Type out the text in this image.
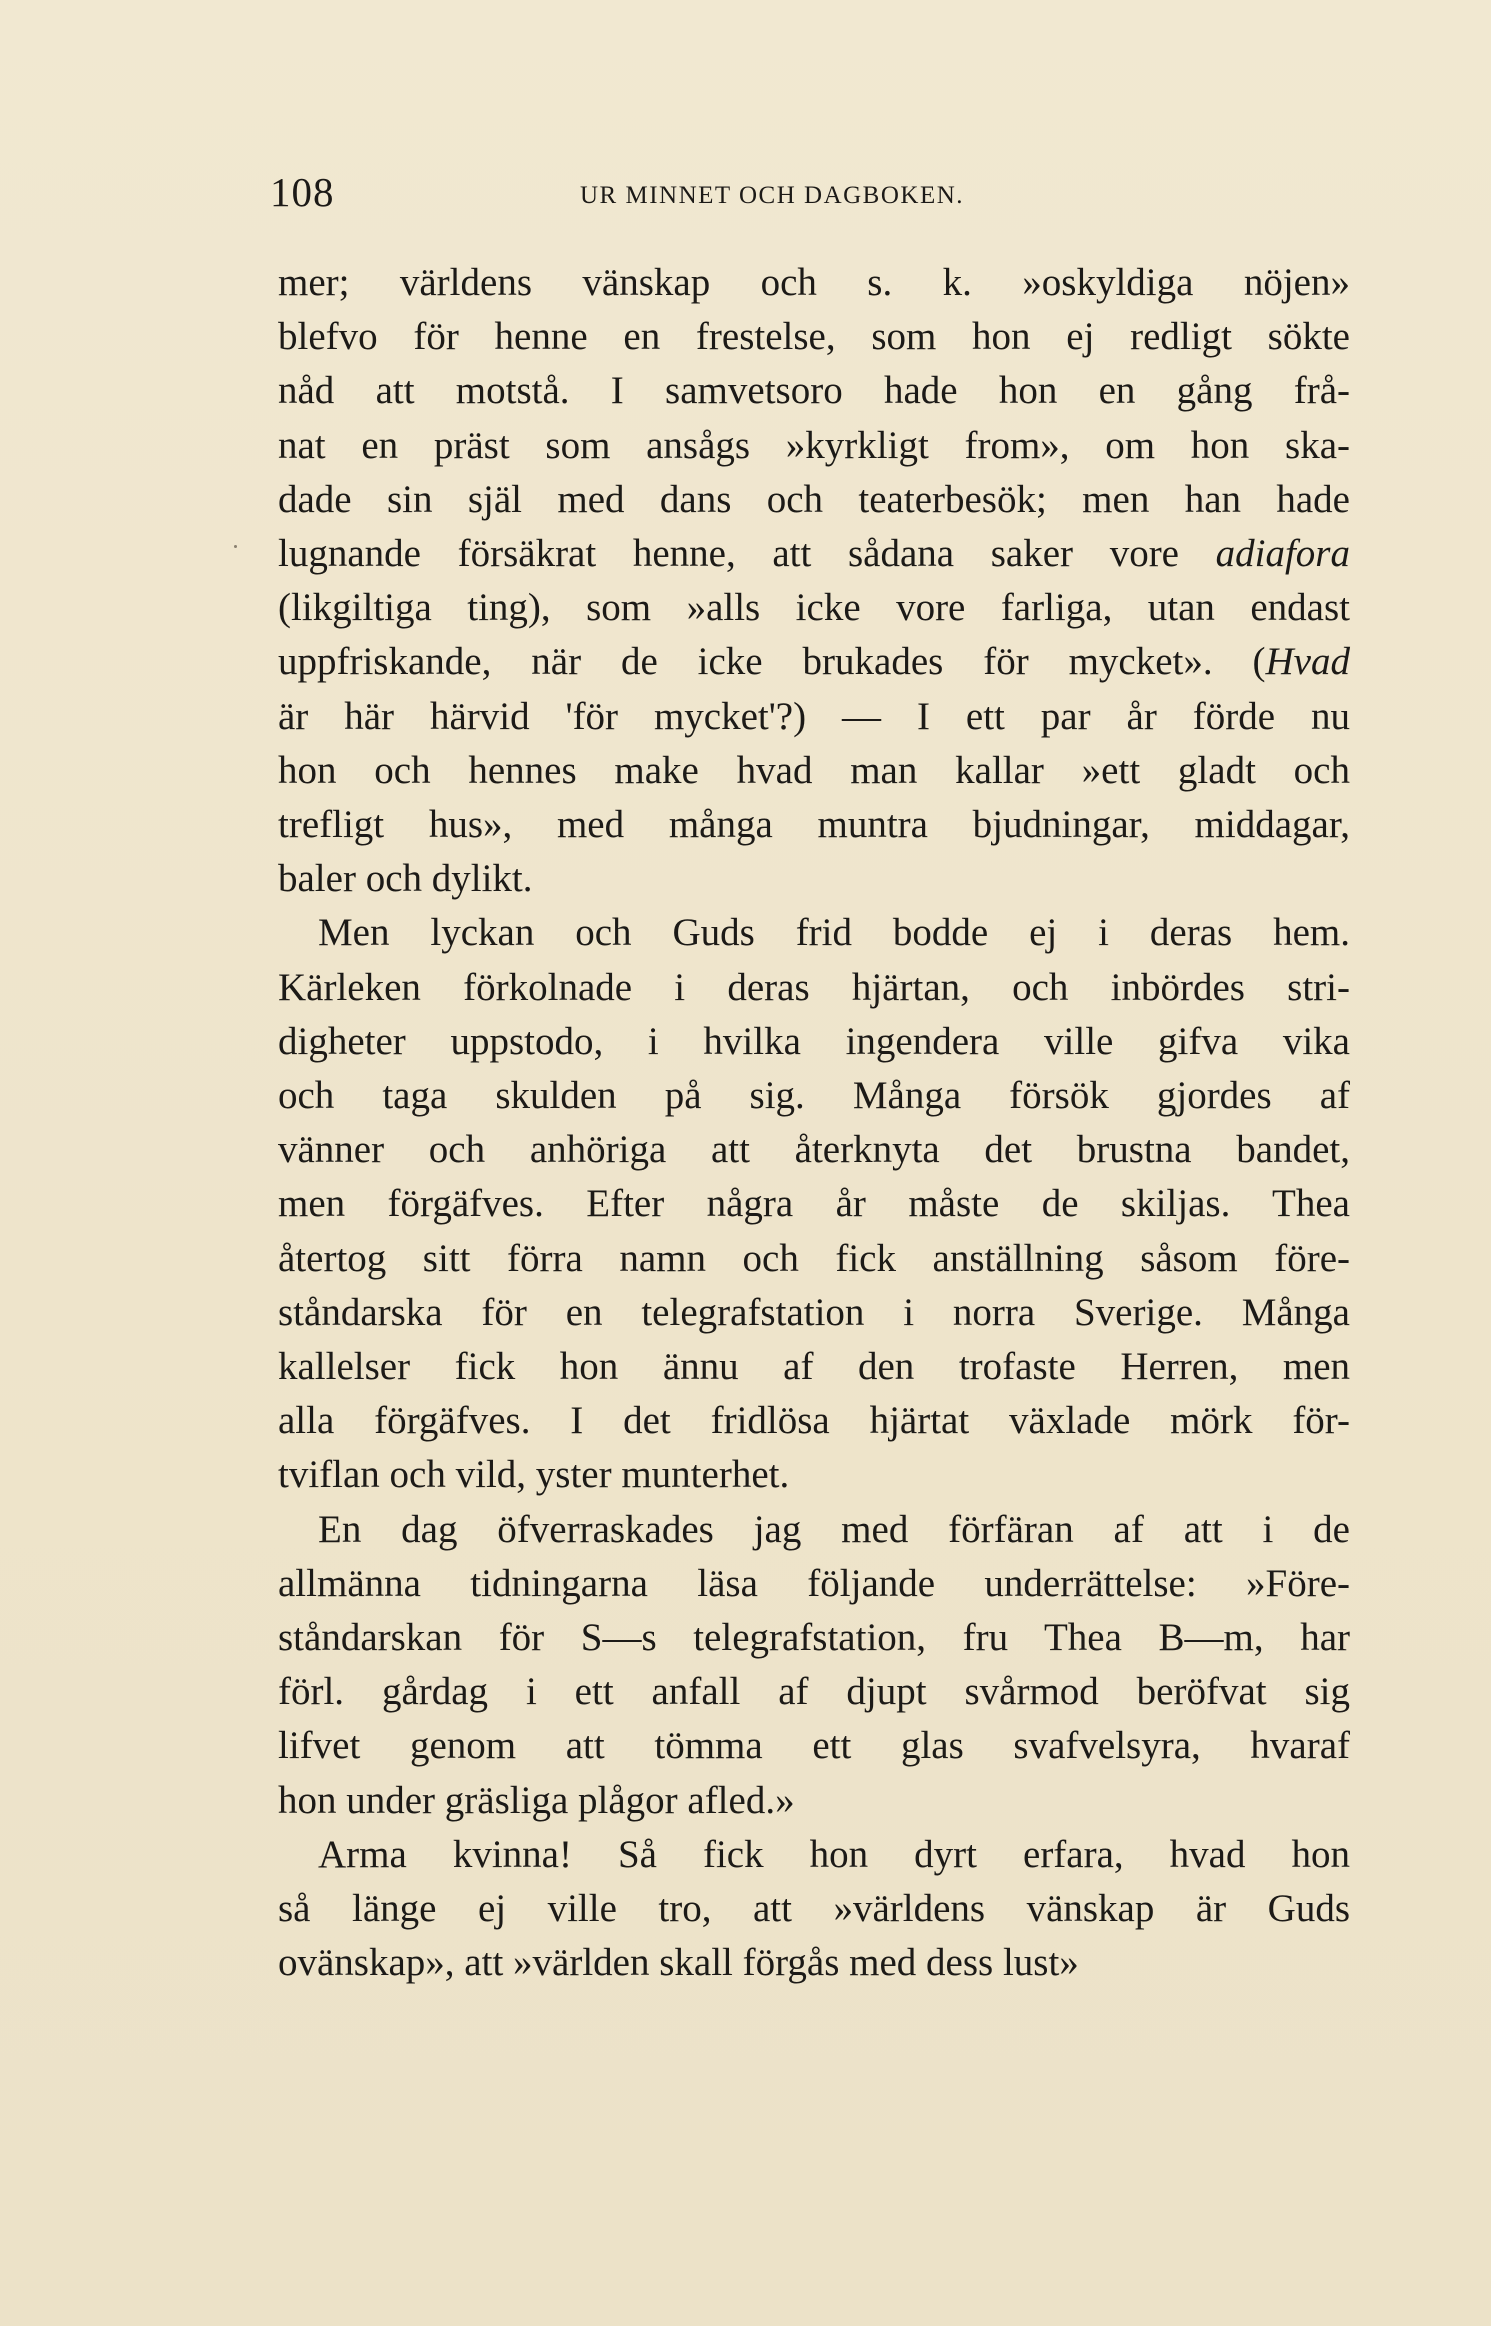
108	UR MINNET OCH DAGBOKEN.

mer; världens vänskap och s. k. »oskyldiga nöjen»
blefvo för henne en frestelse, som hon ej redligt sökte
nåd att motstå. I samvetsoro hade hon en gång frå-
nat en präst som ansågs »kyrkligt from», om hon ska-
dade sin själ med dans och teaterbesök; men han hade
lugnande försäkrat henne, att sådana saker vore adiafora
(likgiltiga ting), som »alls icke vore farliga, utan endast
uppfriskande, när de icke brukades för mycket». (Hvad
är här härvid 'för mycket'?) — I ett par år förde nu
hon och hennes make hvad man kallar »ett gladt och
trefligt hus», med många muntra bjudningar, middagar,
baler och dylikt.

Men lyckan och Guds frid bodde ej i deras hem.
Kärleken förkolnade i deras hjärtan, och inbördes stri-
digheter uppstodo, i hvilka ingendera ville gifva vika
och taga skulden på sig. Många försök gjordes af
vänner och anhöriga att återknyta det brustna bandet,
men förgäfves. Efter några år måste de skiljas. Thea
återtog sitt förra namn och fick anställning såsom före-
ståndarska för en telegrafstation i norra Sverige. Många
kallelser fick hon ännu af den trofaste Herren, men
alla förgäfves. I det fridlösa hjärtat växlade mörk för-
tviflan och vild, yster munterhet.

En dag öfverraskades jag med förfäran af att i de
allmänna tidningarna läsa följande underrättelse: »Före-
ståndarskan för S—s telegrafstation, fru Thea B—m, har
förl. gårdag i ett anfall af djupt svårmod beröfvat sig
lifvet genom att tömma ett glas svafvelsyra, hvaraf
hon under gräsliga plågor afled.»

Arma kvinna! Så fick hon dyrt erfara, hvad hon
så länge ej ville tro, att »världens vänskap är Guds
ovänskap», att »världen skall förgås med dess lust»
